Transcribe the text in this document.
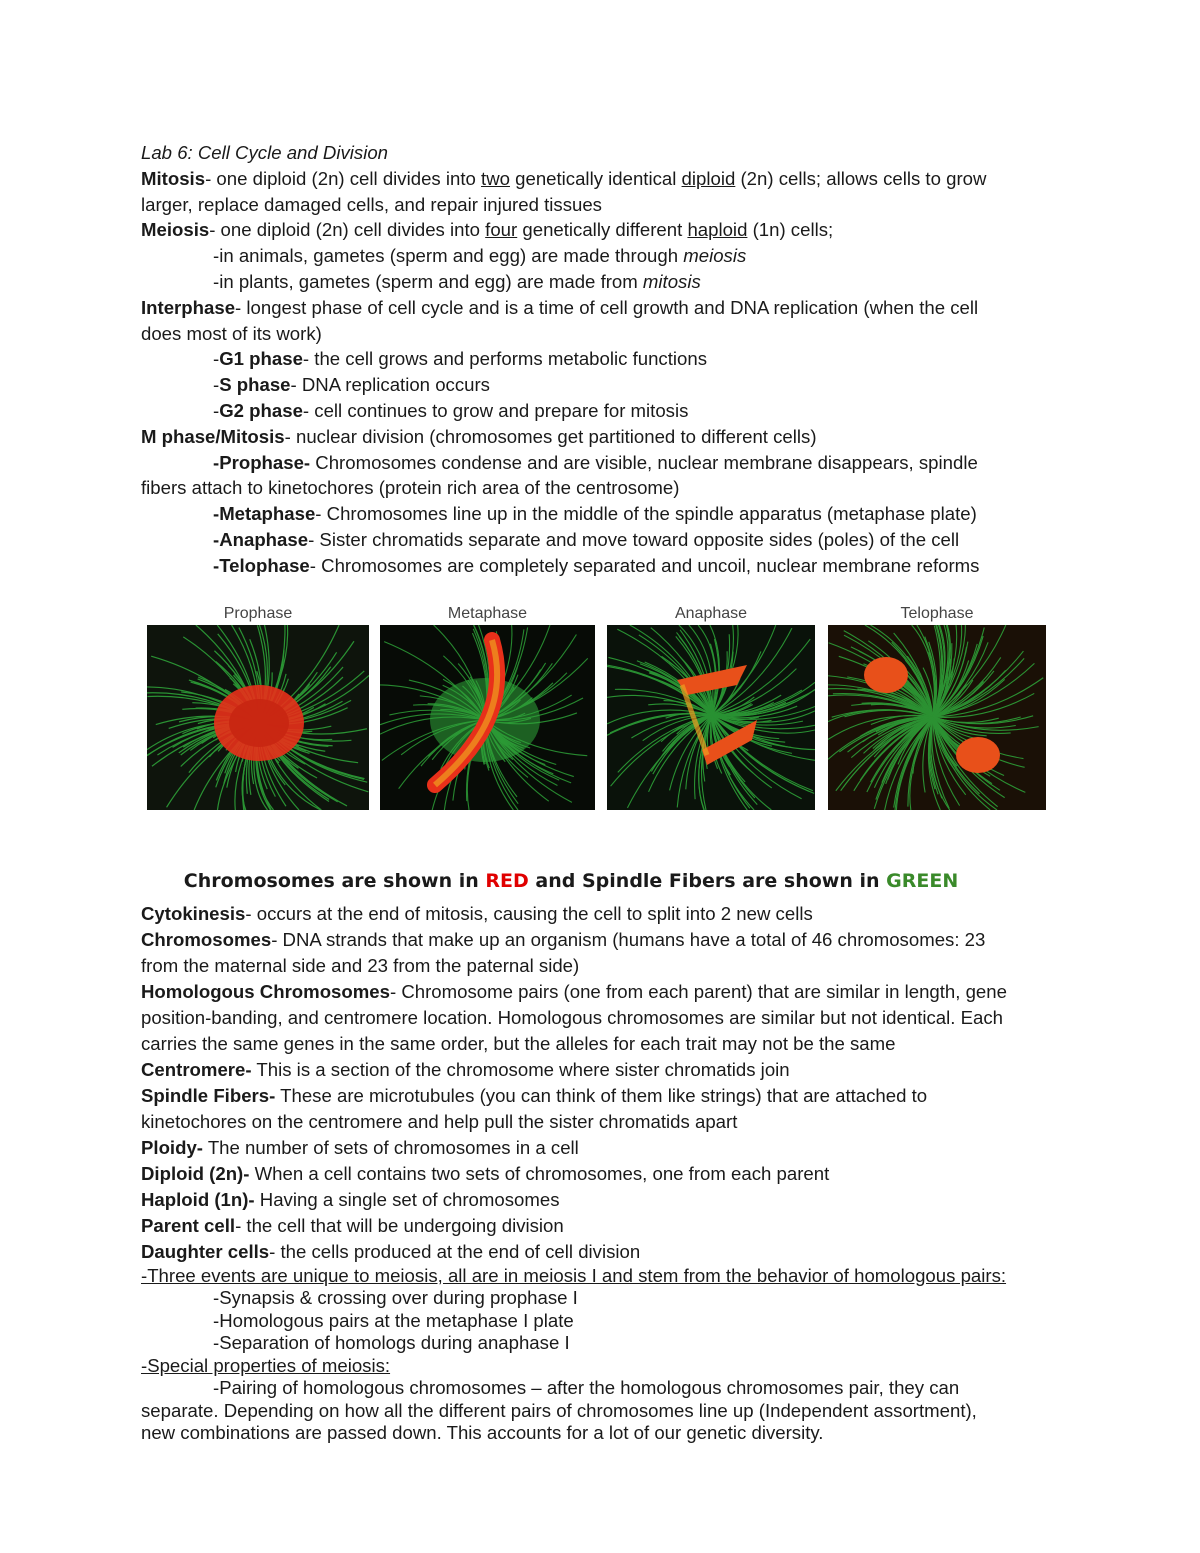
Lab 6: Cell Cycle and Division
Mitosis- one diploid (2n) cell divides into two genetically identical diploid (2n) cells; allows cells to grow
larger, replace damaged cells, and repair injured tissues
Meiosis- one diploid (2n) cell divides into four genetically different haploid (1n) cells;
-in animals, gametes (sperm and egg) are made through meiosis
-in plants, gametes (sperm and egg) are made from mitosis
Interphase- longest phase of cell cycle and is a time of cell growth and DNA replication (when the cell
does most of its work)
-G1 phase- the cell grows and performs metabolic functions
-S phase- DNA replication occurs
-G2 phase- cell continues to grow and prepare for mitosis
M phase/Mitosis- nuclear division (chromosomes get partitioned to different cells)
-Prophase- Chromosomes condense and are visible, nuclear membrane disappears, spindle
fibers attach to kinetochores (protein rich area of the centrosome)
-Metaphase- Chromosomes line up in the middle of the spindle apparatus (metaphase plate)
-Anaphase- Sister chromatids separate and move toward opposite sides (poles) of the cell
-Telophase- Chromosomes are completely separated and uncoil, nuclear membrane reforms
Prophase	Metaphase	Anaphase	Telophase
Chromosomes are shown in RED and Spindle Fibers are shown in GREEN
Cytokinesis- occurs at the end of mitosis, causing the cell to split into 2 new cells
Chromosomes- DNA strands that make up an organism (humans have a total of 46 chromosomes: 23
from the maternal side and 23 from the paternal side)
Homologous Chromosomes- Chromosome pairs (one from each parent) that are similar in length, gene
position-banding, and centromere location. Homologous chromosomes are similar but not identical. Each
carries the same genes in the same order, but the alleles for each trait may not be the same
Centromere- This is a section of the chromosome where sister chromatids join
Spindle Fibers- These are microtubules (you can think of them like strings) that are attached to
kinetochores on the centromere and help pull the sister chromatids apart
Ploidy- The number of sets of chromosomes in a cell
Diploid (2n)- When a cell contains two sets of chromosomes, one from each parent
Haploid (1n)- Having a single set of chromosomes
Parent cell- the cell that will be undergoing division
Daughter cells- the cells produced at the end of cell division
-Three events are unique to meiosis, all are in meiosis I and stem from the behavior of homologous pairs:
-Synapsis & crossing over during prophase I
-Homologous pairs at the metaphase I plate
-Separation of homologs during anaphase I
-Special properties of meiosis:
-Pairing of homologous chromosomes – after the homologous chromosomes pair, they can
separate. Depending on how all the different pairs of chromosomes line up (Independent assortment),
new combinations are passed down. This accounts for a lot of our genetic diversity.
